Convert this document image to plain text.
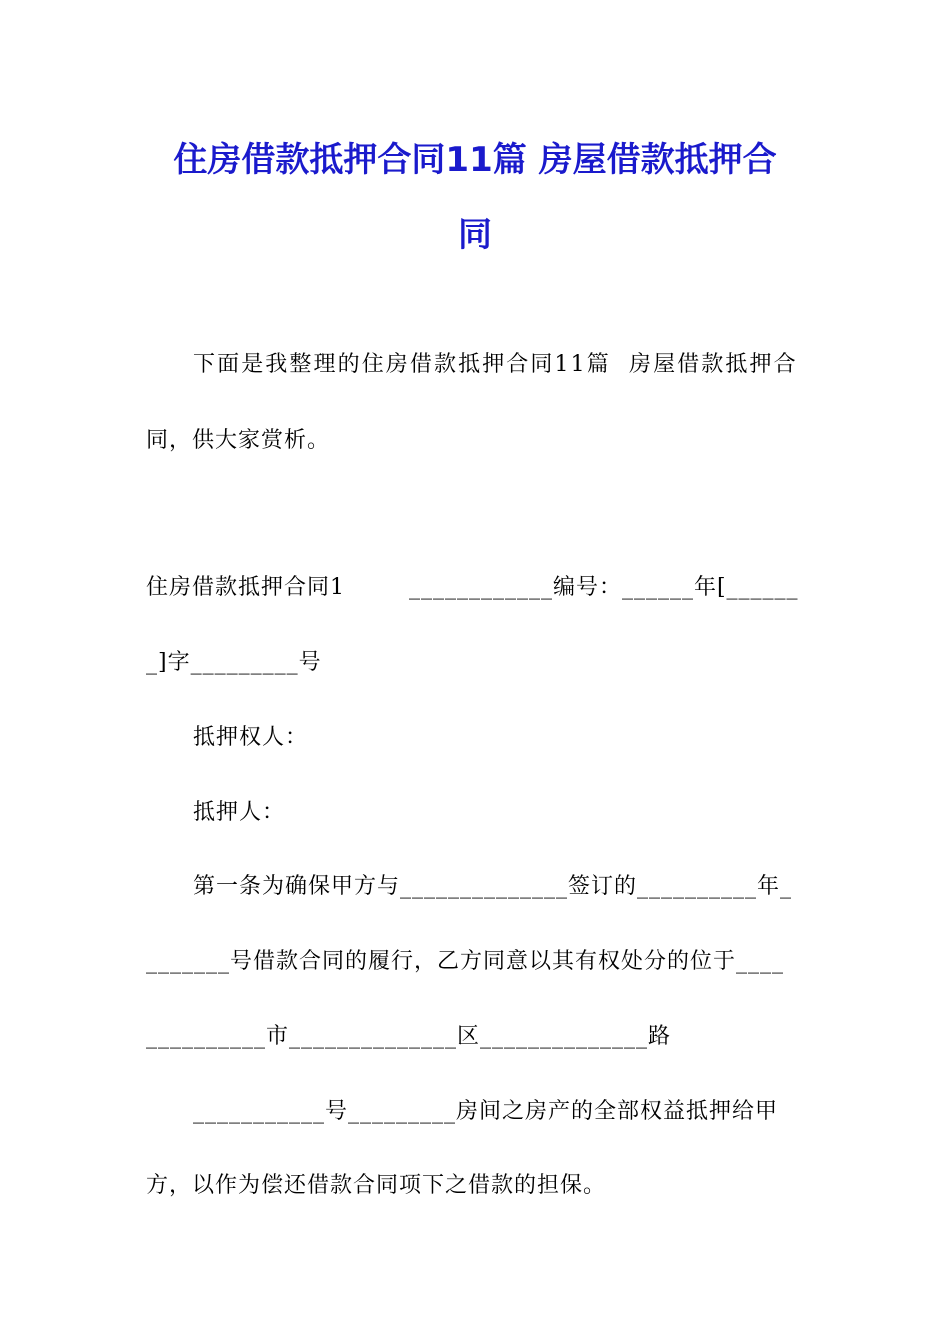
住房借款抵押合同11篇 房屋借款抵押合
同
下面是我整理的住房借款抵押合同11篇  房屋借款抵押合
同，供大家赏析。
住房借款抵押合同1        ____________编号：______年[______
_]字_________号
抵押权人：
抵押人：
第一条为确保甲方与______________签订的__________年_
_______号借款合同的履行，乙方同意以其有权处分的位于____
__________市______________区______________路
___________号_________房间之房产的全部权益抵押给甲
方，以作为偿还借款合同项下之借款的担保。
